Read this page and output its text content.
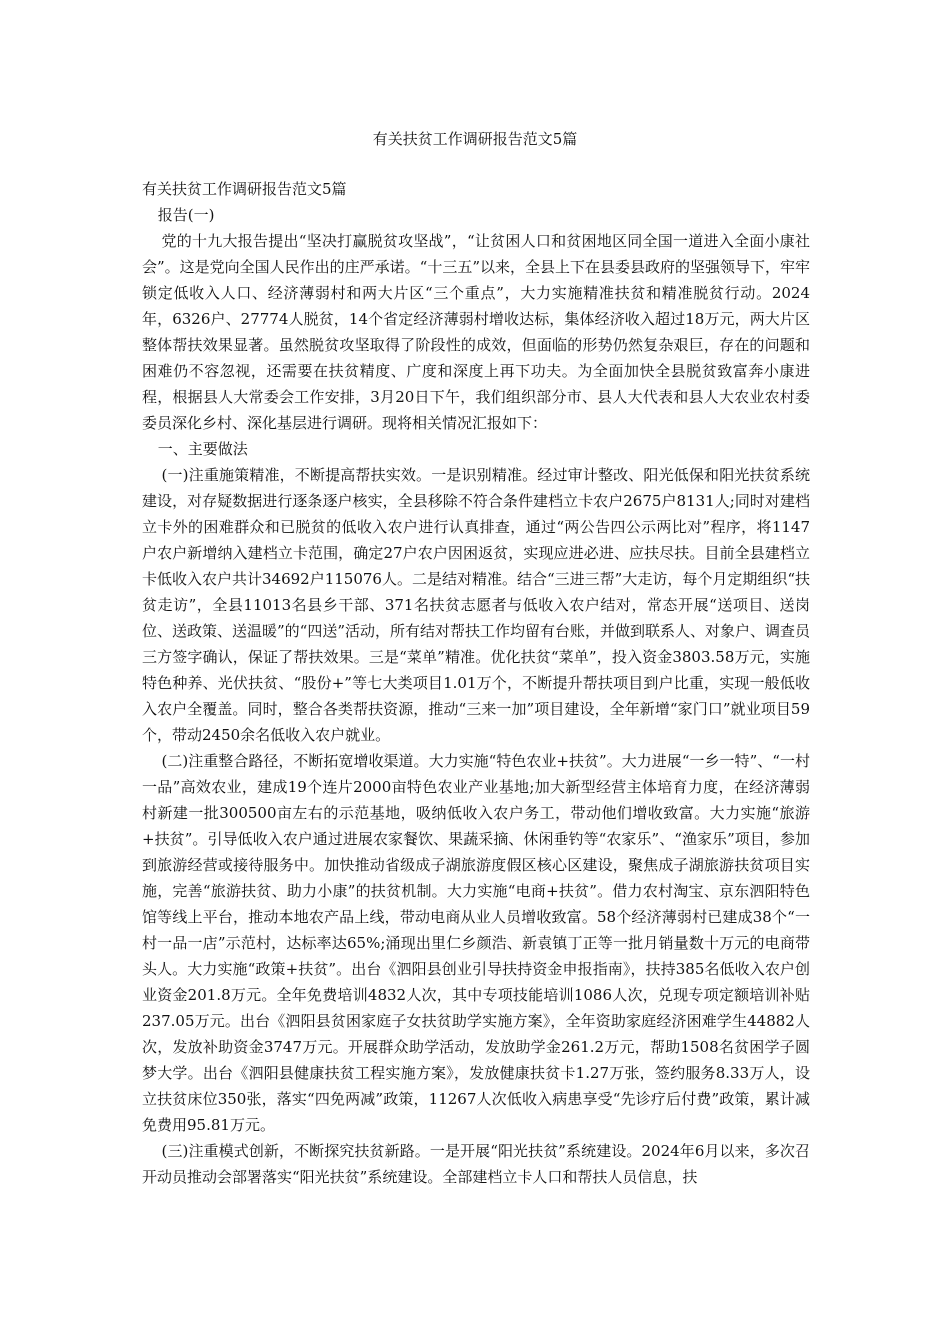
有关扶贫工作调研报告范文5篇

有关扶贫工作调研报告范文5篇

报告(一)

党的十九大报告提出“坚决打赢脱贫攻坚战”，“让贫困人口和贫困地区同全国一道进入全面小康社会”。这是党向全国人民作出的庄严承诺。“十三五”以来，全县上下在县委县政府的坚强领导下，牢牢锁定低收入人口、经济薄弱村和两大片区“三个重点”，大力实施精准扶贫和精准脱贫行动。2024年，6326户、27774人脱贫，14个省定经济薄弱村增收达标，集体经济收入超过18万元，两大片区整体帮扶效果显著。虽然脱贫攻坚取得了阶段性的成效，但面临的形势仍然复杂艰巨，存在的问题和困难仍不容忽视，还需要在扶贫精度、广度和深度上再下功夫。为全面加快全县脱贫致富奔小康进程，根据县人大常委会工作安排，3月20日下午，我们组织部分市、县人大代表和县人大农业农村委委员深化乡村、深化基层进行调研。现将相关情况汇报如下：

一、主要做法

(一)注重施策精准，不断提高帮扶实效。一是识别精准。经过审计整改、阳光低保和阳光扶贫系统建设，对存疑数据进行逐条逐户核实，全县移除不符合条件建档立卡农户2675户8131人;同时对建档立卡外的困难群众和已脱贫的低收入农户进行认真排查，通过“两公告四公示两比对”程序，将1147户农户新增纳入建档立卡范围，确定27户农户因困返贫，实现应进必进、应扶尽扶。目前全县建档立卡低收入农户共计34692户115076人。二是结对精准。结合“三进三帮”大走访，每个月定期组织“扶贫走访”，全县11013名县乡干部、371名扶贫志愿者与低收入农户结对，常态开展“送项目、送岗位、送政策、送温暖”的“四送”活动，所有结对帮扶工作均留有台账，并做到联系人、对象户、调查员三方签字确认，保证了帮扶效果。三是“菜单”精准。优化扶贫“菜单”，投入资金3803.58万元，实施特色种养、光伏扶贫、“股份+”等七大类项目1.01万个，不断提升帮扶项目到户比重，实现一般低收入农户全覆盖。同时，整合各类帮扶资源，推动“三来一加”项目建设，全年新增“家门口”就业项目59个，带动2450余名低收入农户就业。

(二)注重整合路径，不断拓宽增收渠道。大力实施“特色农业+扶贫”。大力进展“一乡一特”、“一村一品”高效农业，建成19个连片2000亩特色农业产业基地;加大新型经营主体培育力度，在经济薄弱村新建一批300500亩左右的示范基地，吸纳低收入农户务工，带动他们增收致富。大力实施“旅游+扶贫”。引导低收入农户通过进展农家餐饮、果蔬采摘、休闲垂钓等“农家乐”、“渔家乐”项目，参加到旅游经营或接待服务中。加快推动省级成子湖旅游度假区核心区建设，聚焦成子湖旅游扶贫项目实施，完善“旅游扶贫、助力小康”的扶贫机制。大力实施“电商+扶贫”。借力农村淘宝、京东泗阳特色馆等线上平台，推动本地农产品上线，带动电商从业人员增收致富。58个经济薄弱村已建成38个“一村一品一店”示范村，达标率达65%;涌现出里仁乡颜浩、新袁镇丁正等一批月销量数十万元的电商带头人。大力实施“政策+扶贫”。出台《泗阳县创业引导扶持资金申报指南》，扶持385名低收入农户创业资金201.8万元。全年免费培训4832人次，其中专项技能培训1086人次，兑现专项定额培训补贴237.05万元。出台《泗阳县贫困家庭子女扶贫助学实施方案》，全年资助家庭经济困难学生44882人次，发放补助资金3747万元。开展群众助学活动，发放助学金261.2万元，帮助1508名贫困学子圆梦大学。出台《泗阳县健康扶贫工程实施方案》，发放健康扶贫卡1.27万张，签约服务8.33万人，设立扶贫床位350张，落实“四免两减”政策，11267人次低收入病患享受“先诊疗后付费”政策，累计减免费用95.81万元。

(三)注重模式创新，不断探究扶贫新路。一是开展“阳光扶贫”系统建设。2024年6月以来，多次召开动员推动会部署落实“阳光扶贫”系统建设。全部建档立卡人口和帮扶人员信息，扶
